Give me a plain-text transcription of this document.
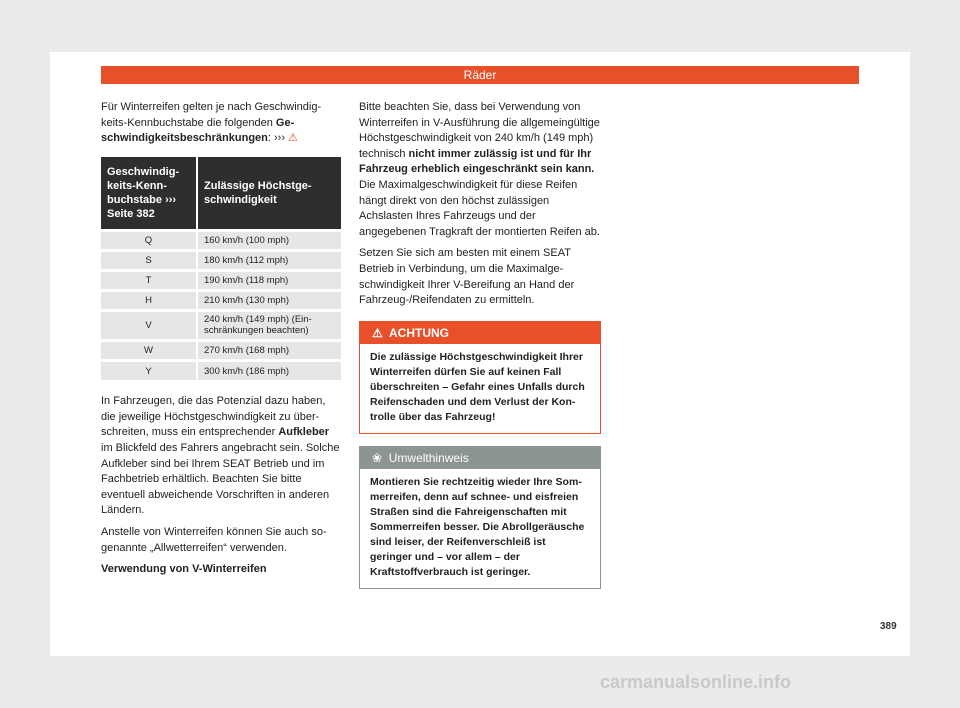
Räder

Für Winterreifen gelten je nach Geschwindigkeits-Kennbuchstabe die folgenden Geschwindigkeitsbeschränkungen: ››› ⚠

Geschwindigkeits-Kennbuchstabe ››› Seite 382	Zulässige Höchstgeschwindigkeit
Q	160 km/h (100 mph)
S	180 km/h (112 mph)
T	190 km/h (118 mph)
H	210 km/h (130 mph)
V	240 km/h (149 mph) (Einschränkungen beachten)
W	270 km/h (168 mph)
Y	300 km/h (186 mph)

In Fahrzeugen, die das Potenzial dazu haben, die jeweilige Höchstgeschwindigkeit zu überschreiten, muss ein entsprechender Aufkleber im Blickfeld des Fahrers angebracht sein. Solche Aufkleber sind bei Ihrem SEAT Betrieb und im Fachbetrieb erhältlich. Beachten Sie bitte eventuell abweichende Vorschriften in anderen Ländern.

Anstelle von Winterreifen können Sie auch sogenannte „Allwetterreifen“ verwenden.

Verwendung von V-Winterreifen

Bitte beachten Sie, dass bei Verwendung von Winterreifen in V-Ausführung die allgemeingültige Höchstgeschwindigkeit von 240 km/h (149 mph) technisch nicht immer zulässig ist und für Ihr Fahrzeug erheblich eingeschränkt sein kann. Die Maximalgeschwindigkeit für diese Reifen hängt direkt von den höchst zulässigen Achslasten Ihres Fahrzeugs und der angegebenen Tragkraft der montierten Reifen ab.

Setzen Sie sich am besten mit einem SEAT Betrieb in Verbindung, um die Maximalgeschwindigkeit Ihrer V-Bereifung an Hand der Fahrzeug-/Reifendaten zu ermitteln.

⚠ ACHTUNG
Die zulässige Höchstgeschwindigkeit Ihrer Winterreifen dürfen Sie auf keinen Fall überschreiten – Gefahr eines Unfalls durch Reifenschaden und dem Verlust der Kontrolle über das Fahrzeug!
❀ Umwelthinweis
Montieren Sie rechtzeitig wieder Ihre Sommerreifen, denn auf schnee- und eisfreien Straßen sind die Fahreigenschaften mit Sommerreifen besser. Die Abrollgeräusche sind leiser, der Reifenverschleiß ist geringer und – vor allem – der Kraftstoffverbrauch ist geringer.
389
carmanualsonline.info
